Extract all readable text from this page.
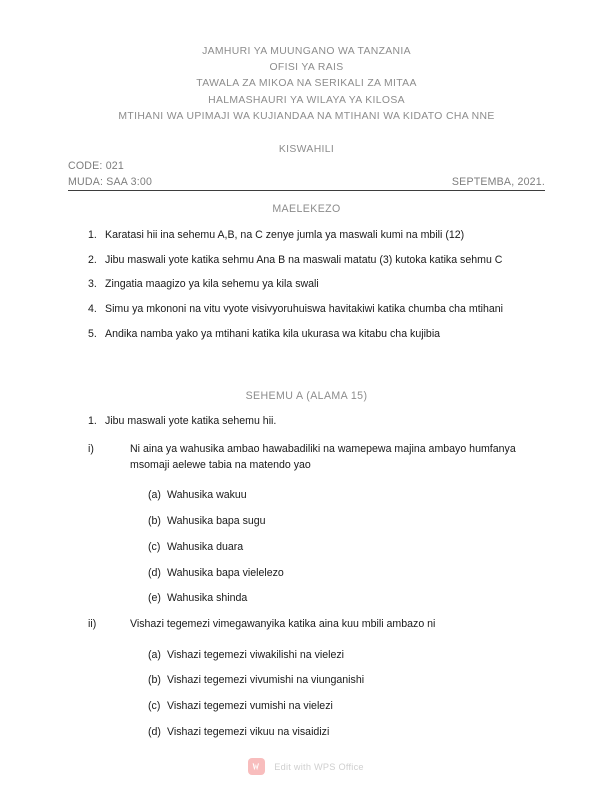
JAMHURI YA MUUNGANO WA TANZANIA
OFISI YA RAIS
TAWALA ZA MIKOA NA SERIKALI ZA MITAA
HALMASHAURI YA WILAYA YA KILOSA
MTIHANI WA UPIMAJI WA KUJIANDAA NA MTIHANI WA KIDATO CHA NNE
KISWAHILI
CODE: 021
MUDA: SAA 3:00	SEPTEMBA, 2021.
MAELEKEZO
1. Karatasi hii ina sehemu A,B, na C zenye jumla ya maswali kumi na mbili (12)
2. Jibu maswali yote katika sehmu Ana B na maswali matatu (3) kutoka katika sehmu C
3. Zingatia maagizo ya kila sehemu ya kila swali
4. Simu ya mkononi na vitu vyote visivyoruhuiswa havitakiwi katika chumba cha mtihani
5. Andika namba yako ya mtihani katika kila ukurasa wa kitabu cha kujibia
SEHEMU A (ALAMA 15)
1. Jibu maswali yote katika sehemu hii.
i)	Ni aina ya wahusika ambao hawabadiliki na wamepewa majina ambayo humfanya msomaji aelewe tabia na matendo yao
(a) Wahusika wakuu
(b) Wahusika bapa sugu
(c) Wahusika duara
(d) Wahusika bapa vielelezo
(e) Wahusika shinda
ii)	Vishazi tegemezi vimegawanyika katika aina kuu mbili ambazo ni
(a) Vishazi tegemezi viwakilishi na vielezi
(b) Vishazi tegemezi vivumishi na viunganishi
(c) Vishazi tegemezi vumishi na vielezi
(d) Vishazi tegemezi vikuu na visaidizi
Edit with WPS Office
